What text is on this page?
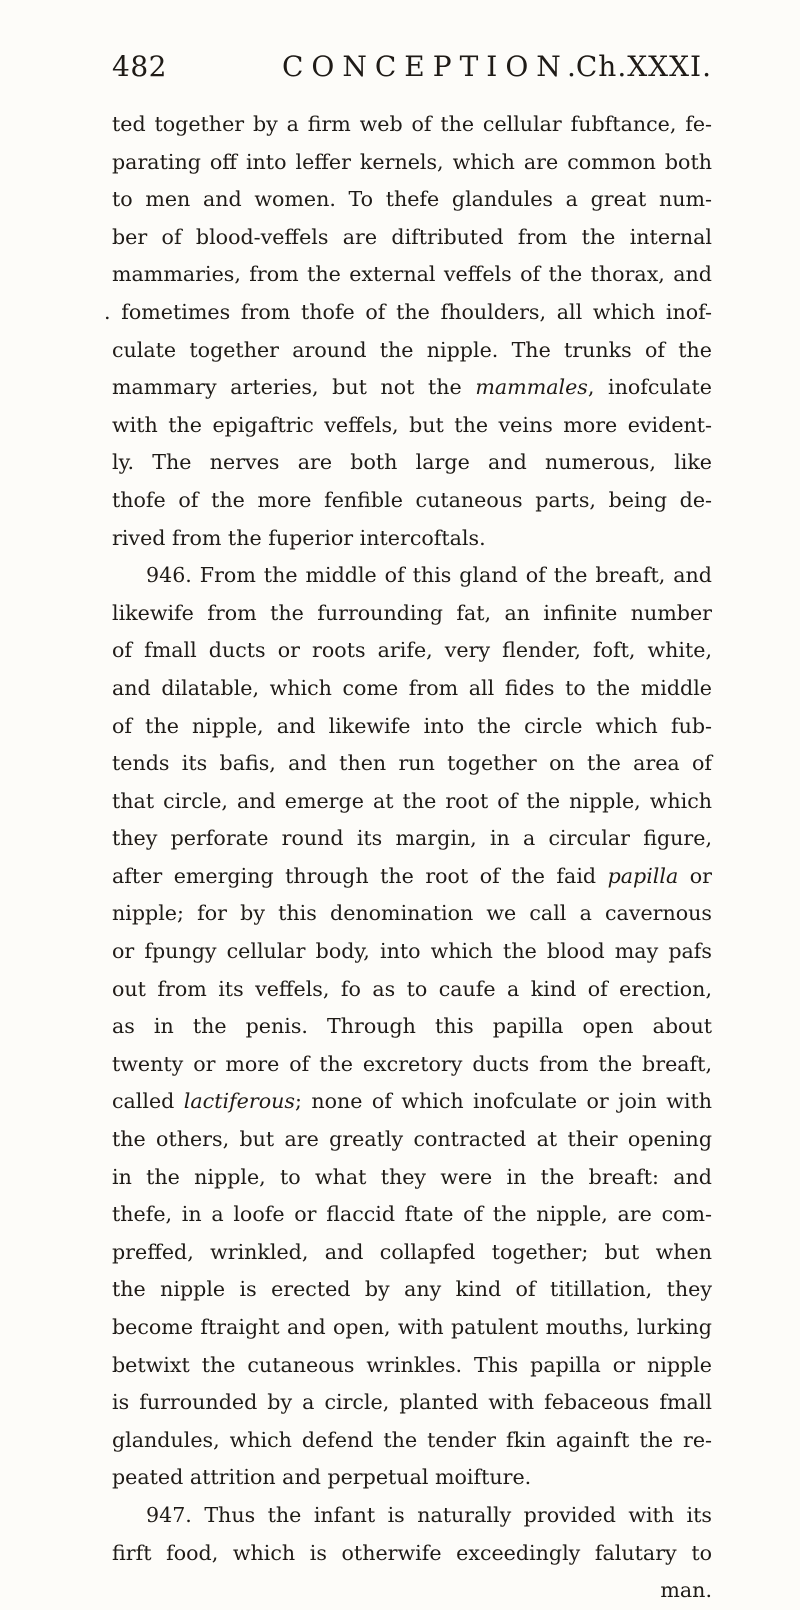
482	CONCEPTION.
Ch.XXXI.
ted together by a firm web of the cellular fubftance, fe-
parating off into leffer kernels, which are common both
to men and women. To thefe glandules a great num-
ber of blood-veffels are diftributed from the internal
mammaries, from the external veffels of the thorax, and
. fometimes from thofe of the fhoulders, all which inof-
culate together around the nipple. The trunks of the
mammary arteries, but not the mammales, inofculate
with the epigaftric veffels, but the veins more evident-
ly. The nerves are both large and numerous, like
thofe of the more fenfible cutaneous parts, being de-
rived from the fuperior intercoftals.
946. From the middle of this gland of the breaft, and
likewife from the furrounding fat, an infinite number
of fmall ducts or roots arife, very flender, foft, white,
and dilatable, which come from all fides to the middle
of the nipple, and likewife into the circle which fub-
tends its bafis, and then run together on the area of
that circle, and emerge at the root of the nipple, which
they perforate round its margin, in a circular figure,
after emerging through the root of the faid papilla or
nipple; for by this denomination we call a cavernous
or fpungy cellular body, into which the blood may pafs
out from its veffels, fo as to caufe a kind of erection,
as in the penis. Through this papilla open about
twenty or more of the excretory ducts from the breaft,
called lactiferous; none of which inofculate or join with
the others, but are greatly contracted at their opening
in the nipple, to what they were in the breaft: and
thefe, in a loofe or flaccid ftate of the nipple, are com-
preffed, wrinkled, and collapfed together; but when
the nipple is erected by any kind of titillation, they
become ftraight and open, with patulent mouths, lurking
betwixt the cutaneous wrinkles. This papilla or nipple
is furrounded by a circle, planted with febaceous fmall
glandules, which defend the tender fkin againft the re-
peated attrition and perpetual moifture.
947. Thus the infant is naturally provided with its
firft food, which is otherwife exceedingly falutary to
man.
